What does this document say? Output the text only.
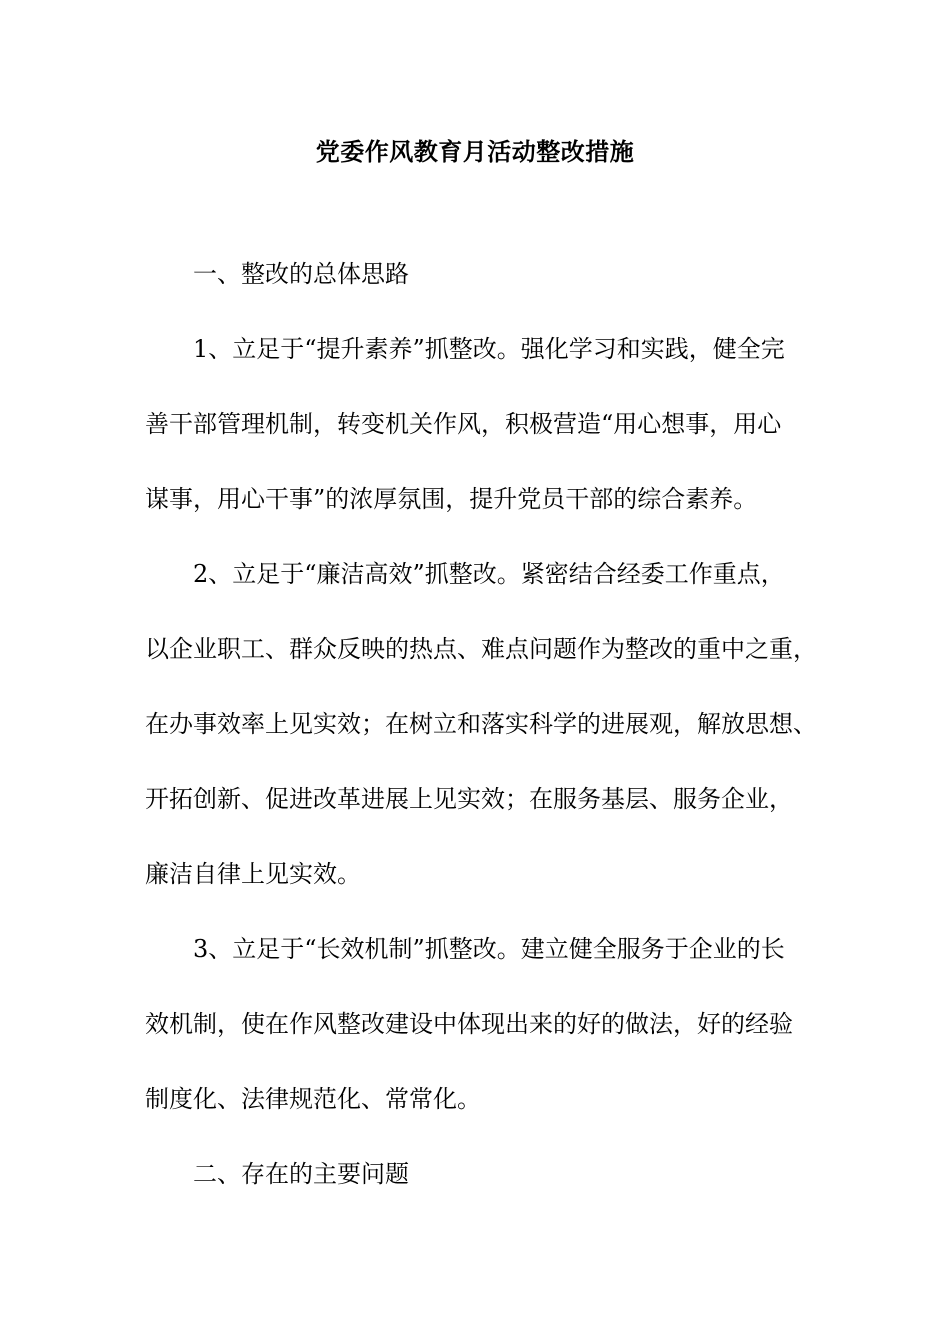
党委作风教育月活动整改措施
一、整改的总体思路
1、立足于“提升素养”抓整改。强化学习和实践，健全完
善干部管理机制，转变机关作风，积极营造“用心想事，用心
谋事，用心干事”的浓厚氛围，提升党员干部的综合素养。
2、立足于“廉洁高效”抓整改。紧密结合经委工作重点，
以企业职工、群众反映的热点、难点问题作为整改的重中之重，
在办事效率上见实效；在树立和落实科学的进展观，解放思想、
开拓创新、促进改革进展上见实效；在服务基层、服务企业，
廉洁自律上见实效。
3、立足于“长效机制”抓整改。建立健全服务于企业的长
效机制，使在作风整改建设中体现出来的好的做法，好的经验
制度化、法律规范化、常常化。
二、存在的主要问题
